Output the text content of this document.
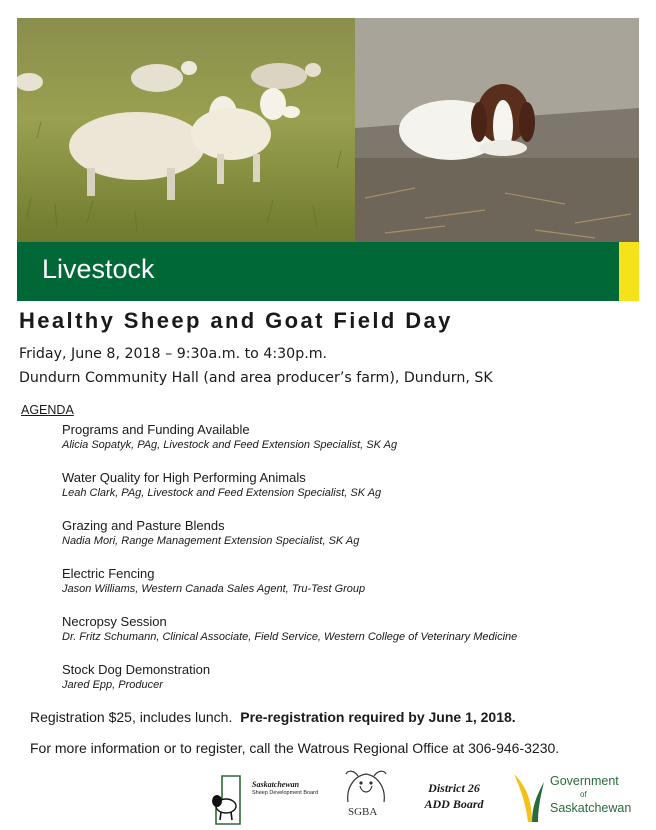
Livestock
Healthy Sheep and Goat Field Day
Friday, June 8, 2018 – 9:30a.m. to 4:30p.m.
Dundurn Community Hall (and area producer’s farm), Dundurn, SK
AGENDA
Programs and Funding Available
Alicia Sopatyk, PAg, Livestock and Feed Extension Specialist, SK Ag
Water Quality for High Performing Animals
Leah Clark, PAg, Livestock and Feed Extension Specialist, SK Ag
Grazing and Pasture Blends
Nadia Mori, Range Management Extension Specialist, SK Ag
Electric Fencing
Jason Williams, Western Canada Sales Agent, Tru-Test Group
Necropsy Session
Dr. Fritz Schumann, Clinical Associate, Field Service, Western College of Veterinary Medicine
Stock Dog Demonstration
Jared Epp, Producer
Registration $25, includes lunch. Pre-registration required by June 1, 2018.
For more information or to register, call the Watrous Regional Office at 306-946-3230.
Saskatchewan
Sheep Development Board
SGBA
District 26
ADD Board
Government
of
Saskatchewan
